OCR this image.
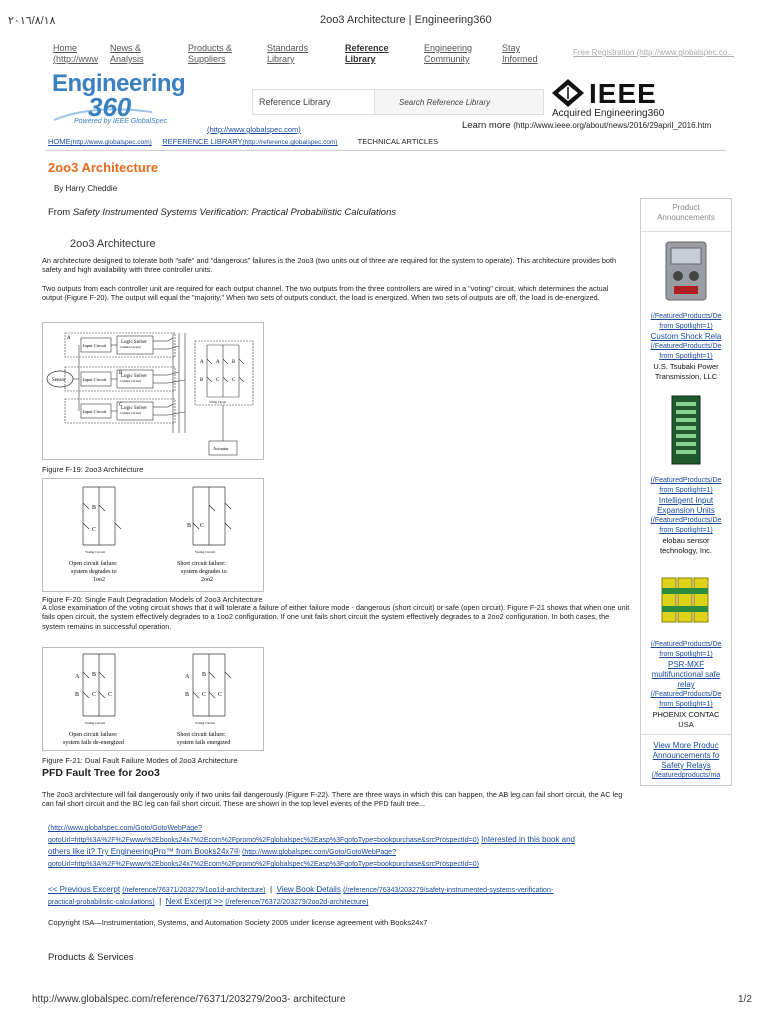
٢٠١٦/٨/١٨	2oo3 Architecture | Engineering360
http://www.globalspec.com/reference/76371/203279/2oo3- architecture	1/2
Home
(http://www
News &
Analysis
Products &
Suppliers
Standards
Library
Reference
Library
Engineering
Community
Stay
Informed
Free Registration (http://www.globalspec.co...
Engineering
360
Powered by IEEE GlobalSpec
Reference Library	Search Reference Library	IEEE
Acquired Engineering360
Learn more (http://www.ieee.org/about/news/2016/29april_2016.htm
(http://www.globalspec.com)
HOME(http://www.globalspec.com) REFERENCE LIBRARY(http://reference.globalspec.com)	TECHNICAL ARTICLES
2oo3 Architecture
By Harry Cheddie
From Safety Instrumented Systems Verification: Practical Probabilistic Calculations
2oo3 Architecture
An architecture designed to tolerate both "safe" and "dangerous" failures is the 2oo3 (two units out of three are required for the system to operate). This architecture provides both safety and high availability with three controller units.
Two outputs from each controller unit are required for each output channel. The two outputs from the three controllers are wired in a "voting" circuit, which determines the actual output (Figure F-20). The output will equal the "majority." When two sets of outputs conduct, the load is energized. When two sets of outputs are off, the load is de-energized.
Sensor
Input Circuit
Logic Solver
Common Circuitry
A
Input Circuit
Logic Solver
Common Circuitry
B
Input Circuit
Logic Solver
Common Circuitry
C
A A B
B	C	C
Voting Circuit
Actuator
Figure F-19: 2oo3 Architecture
B
C
B C
Voting Circuit	Voting Circuit
Open circuit failure:
system degrades to
1oo2
Short circuit failure:
system degrades to
2oo2
Figure F-20: Single Fault Degradation Models of 2oo3 Architecture
A close examination of the voting circuit shows that it will tolerate a failure of either failure mode - dangerous (short circuit) or safe (open circuit). Figure F-21 shows that when one unit fails open circuit, the system effectively degrades to a 1oo2 configuration. If one unit fails short circuit the system effectively degrades to a 2oo2 configuration. In both cases, the system remains in successful operation.
A B
B C C
A B
B C C
Voting Circuit	Voting Circuit
Open circuit failure:
system fails de-energized
Short circuit failure:
system fails energized
Figure F-21: Dual Fault Failure Modes of 2oo3 Architecture
PFD Fault Tree for 2oo3
The 2oo3 architecture will fail dangerously only if two units fail dangerously (Figure F-22). There are three ways in which this can happen, the AB leg can fail short circuit, the AC leg can fail short circuit and the BC leg can fail short circuit. These are shown in the top level events of the PFD fault tree...
(http://www.globalspec.com/Goto/GotoWebPage?
gotoUrl=http%3A%2F%2Fwww%2Ebooks24x7%2Ecom%2Fpromo%2Fglobalspec%2Easp%3FgotoType=bookpurchase&srcProspectId=0) Interested in this book and
others like it? Try EngineeringPro™ from Books24x7® (http://www.globalspec.com/Goto/GotoWebPage?
gotoUrl=http%3A%2F%2Fwww%2Ebooks24x7%2Ecom%2Fpromo%2Fglobalspec%2Easp%3FgotoType=bookpurchase&srcProspectId=0)
<< Previous Excerpt (/reference/76371/203279/1oo1d-architecture)  |  View Book Details (/reference/76343/203279/safety-instrumented-systems-verification-
practical-probabilistic-calculations)  |  Next Excerpt >> (/reference/76372/203279/2oo2d-architecture)
Copyright ISA—Instrumentation, Systems, and Automation Society 2005 under license agreement with Books24x7
Products & Services
Product Announcements
(/FeaturedProducts/De
from Spotlight=1)
Custom Shock Rela
(/FeaturedProducts/De
from Spotlight=1)
U.S. Tsubaki Power
Transmission, LLC
(/FeaturedProducts/De
from Spotlight=1)
Intelligent Input
Expansion Units
(/FeaturedProducts/De
from Spotlight=1)
elobau sensor
technology, Inc.
(/FeaturedProducts/De
from Spotlight=1)
PSR-MXF
multifunctional safe
relay
(/FeaturedProducts/De
from Spotlight=1)
PHOENIX CONTAC
USA
View More Produc
Announcements fo
Safety Relays
(/featuredproducts/ma
